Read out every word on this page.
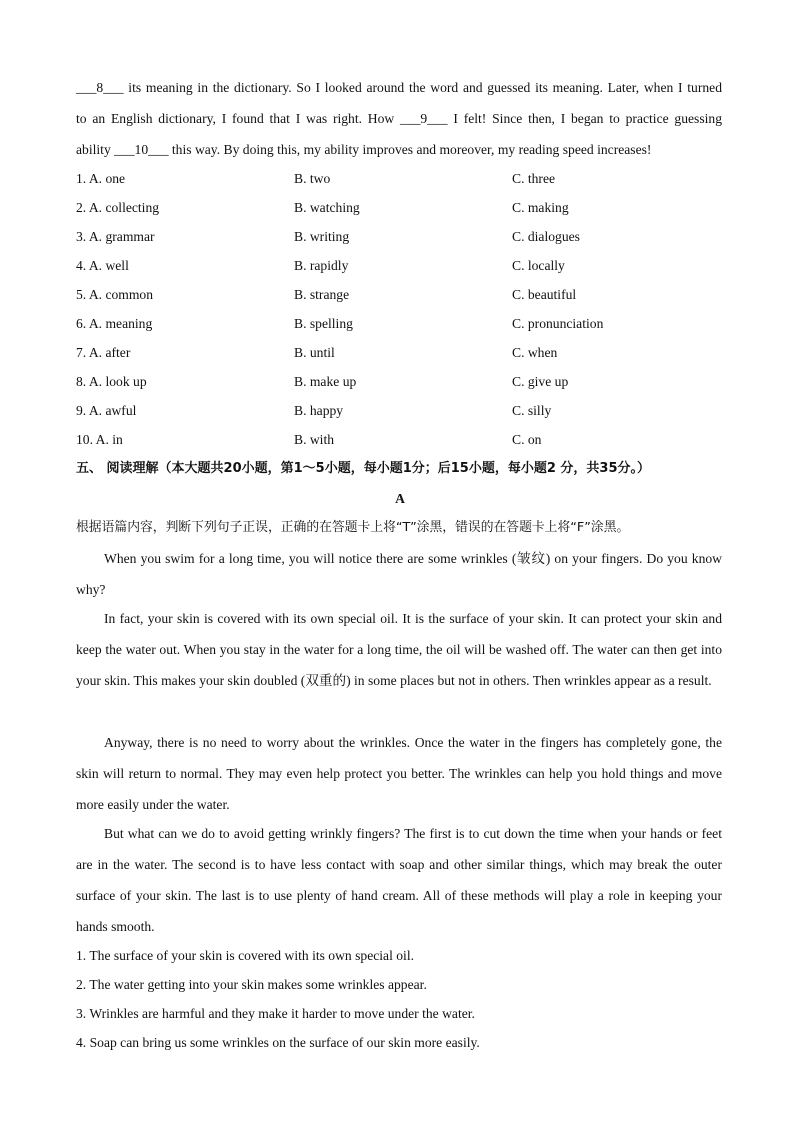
___8___ its meaning in the dictionary. So I looked around the word and guessed its meaning. Later, when I turned
to an English dictionary, I found that I was right. How ___9___ I felt! Since then, I began to practice guessing
ability ___10___ this way. By doing this, my ability improves and moreover, my reading speed increases!
1. A. one	B. two	C. three
2. A. collecting	B. watching	C. making
3. A. grammar	B. writing	C. dialogues
4. A. well	B. rapidly	C. locally
5. A. common	B. strange	C. beautiful
6. A. meaning	B. spelling	C. pronunciation
7. A. after	B. until	C. when
8. A. look up	B. make up	C. give up
9. A. awful	B. happy	C. silly
10. A. in	B. with	C. on
五、 阅读理解（本大题共20小题，第1～5小题，每小题1分；后15小题，每小题2 分，共35分。）
A
根据语篇内容，判断下列句子正误，正确的在答题卡上将“T”涂黑，错误的在答题卡上将“F”涂黑。

When you swim for a long time, you will notice there are some wrinkles (皱纹) on your fingers. Do you know why?

In fact, your skin is covered with its own special oil. It is the surface of your skin. It can protect your skin and keep the water out. When you stay in the water for a long time, the oil will be washed off. The water can then get into your skin. This makes your skin doubled (双重的) in some places but not in others. Then wrinkles appear as a result.

Anyway, there is no need to worry about the wrinkles. Once the water in the fingers has completely gone, the skin will return to normal. They may even help protect you better. The wrinkles can help you hold things and move more easily under the water.

But what can we do to avoid getting wrinkly fingers? The first is to cut down the time when your hands or feet are in the water. The second is to have less contact with soap and other similar things, which may break the outer surface of your skin. The last is to use plenty of hand cream. All of these methods will play a role in keeping your hands smooth.

1. The surface of your skin is covered with its own special oil.
2. The water getting into your skin makes some wrinkles appear.
3. Wrinkles are harmful and they make it harder to move under the water.
4. Soap can bring us some wrinkles on the surface of our skin more easily.
